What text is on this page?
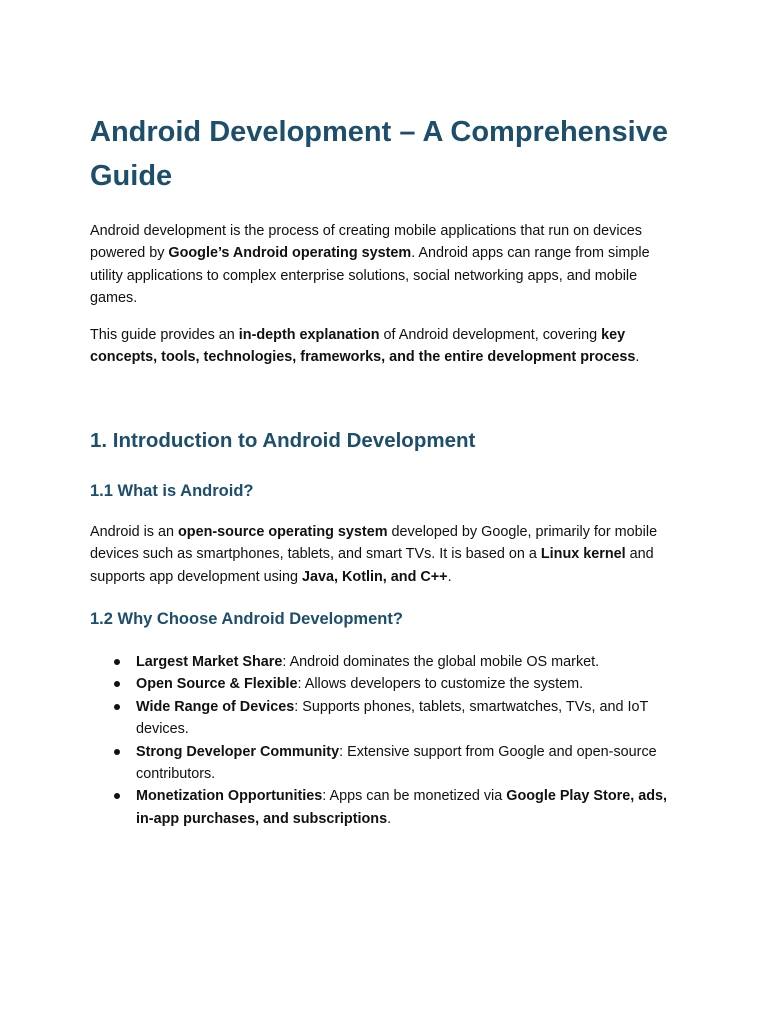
Android Development – A Comprehensive Guide

Android development is the process of creating mobile applications that run on devices powered by Google’s Android operating system. Android apps can range from simple utility applications to complex enterprise solutions, social networking apps, and mobile games.

This guide provides an in-depth explanation of Android development, covering key concepts, tools, technologies, frameworks, and the entire development process.

1. Introduction to Android Development
1.1 What is Android?

Android is an open-source operating system developed by Google, primarily for mobile devices such as smartphones, tablets, and smart TVs. It is based on a Linux kernel and supports app development using Java, Kotlin, and C++.

1.2 Why Choose Android Development?
Largest Market Share: Android dominates the global mobile OS market.
Open Source & Flexible: Allows developers to customize the system.
Wide Range of Devices: Supports phones, tablets, smartwatches, TVs, and IoT devices.
Strong Developer Community: Extensive support from Google and open-source contributors.
Monetization Opportunities: Apps can be monetized via Google Play Store, ads, in-app purchases, and subscriptions.
